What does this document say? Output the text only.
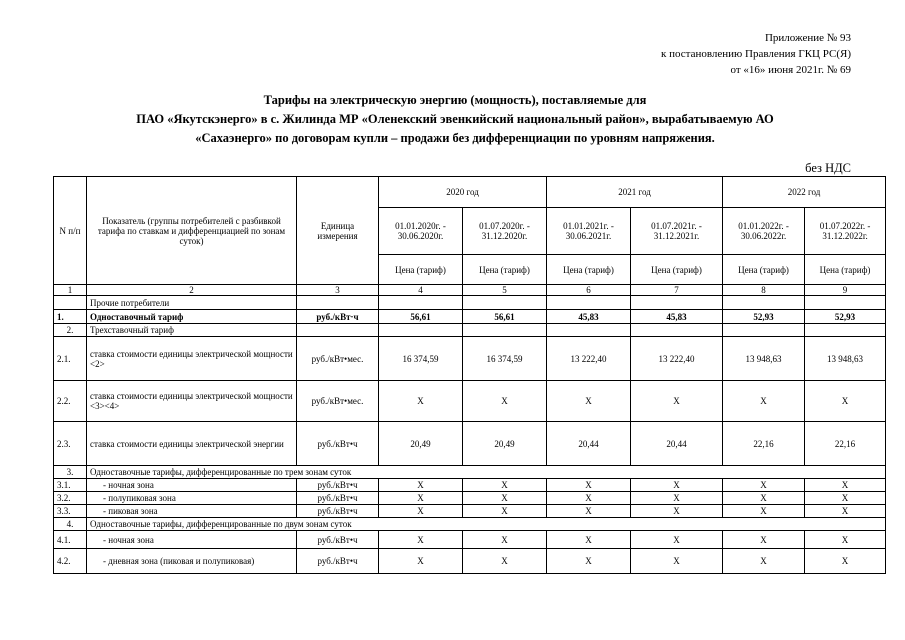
Приложение № 93
к постановлению Правления ГКЦ РС(Я)
от «16» июня 2021г. № 69
Тарифы на электрическую энергию (мощность), поставляемые для
ПАО «Якутскэнерго» в с. Жилинда МР «Оленекский эвенкийский национальный район», вырабатываемую АО
«Сахаэнерго» по договорам купли – продажи без дифференциации по уровням напряжения.
без НДС
N п/п	Показатель (группы потребителей с разбивкой тарифа по ставкам и дифференциацией по зонам суток)	Единица измерения	2020 год		2021 год		2022 год	
			01.01.2020г. - 30.06.2020г.	01.07.2020г. - 31.12.2020г.	01.01.2021г. - 30.06.2021г.	01.07.2021г. - 31.12.2021г.	01.01.2022г. - 30.06.2022г.	01.07.2022г. - 31.12.2022г.
			Цена (тариф)	Цена (тариф)	Цена (тариф)	Цена (тариф)	Цена (тариф)	Цена (тариф)
1	2	3	4	5	6	7	8	9
	Прочие потребители							
1.	Одноставочный тариф	руб./кВт·ч	56,61	56,61	45,83	45,83	52,93	52,93
2.	Трехставочный тариф							
2.1.	ставка стоимости единицы электрической мощности <2>	руб./кВт•мес.	16 374,59	16 374,59	13 222,40	13 222,40	13 948,63	13 948,63
2.2.	ставка стоимости единицы электрической мощности <3><4>	руб./кВт•мес.	X	X	X	X	X	X
2.3.	ставка стоимости единицы электрической энергии	руб./кВт•ч	20,49	20,49	20,44	20,44	22,16	22,16
3.	Одноставочные тарифы, дифференцированные по трем зонам суток							
3.1.	- ночная зона	руб./кВт•ч	X	X	X	X	X	X
3.2.	- полупиковая зона	руб./кВт•ч	X	X	X	X	X	X
3.3.	- пиковая зона	руб./кВт•ч	X	X	X	X	X	X
4.	Одноставочные тарифы, дифференцированные по двум зонам суток							
4.1.	- ночная зона	руб./кВт•ч	X	X	X	X	X	X
4.2.	- дневная зона (пиковая и полупиковая)	руб./кВт•ч	X	X	X	X	X	X
